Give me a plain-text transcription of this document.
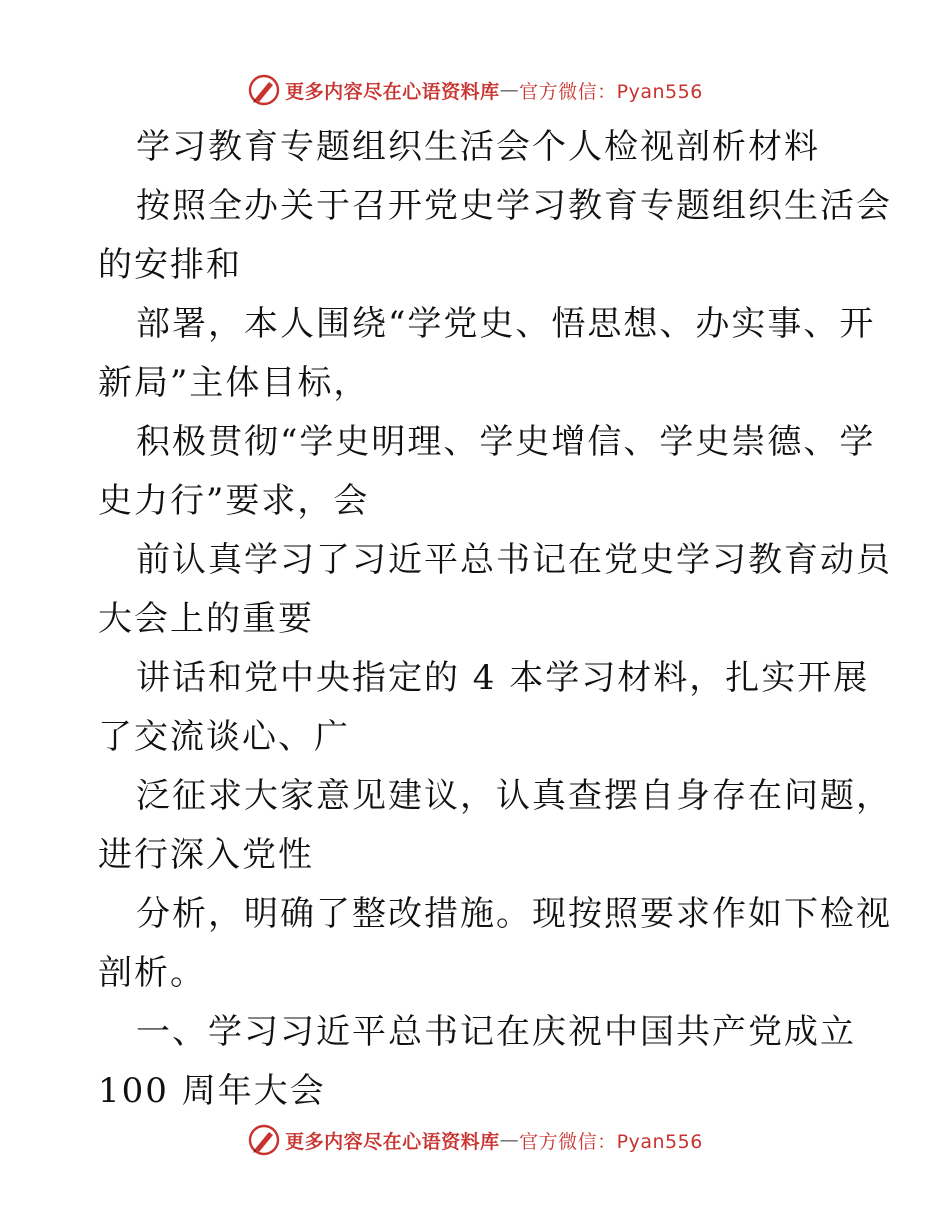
更多内容尽在心语资料库 — 官方微信：Pyan556
学习教育专题组织生活会个人检视剖析材料
按照全办关于召开党史学习教育专题组织生活会
的安排和
部署，本人围绕“学党史、悟思想、办实事、开
新局”主体目标，
积极贯彻“学史明理、学史增信、学史崇德、学
史力行”要求，会
前认真学习了习近平总书记在党史学习教育动员
大会上的重要
讲话和党中央指定的 4 本学习材料，扎实开展
了交流谈心、广
泛征求大家意见建议，认真查摆自身存在问题，
进行深入党性
分析，明确了整改措施。现按照要求作如下检视
剖析。
一、学习习近平总书记在庆祝中国共产党成立
100 周年大会
更多内容尽在心语资料库 — 官方微信：Pyan556
